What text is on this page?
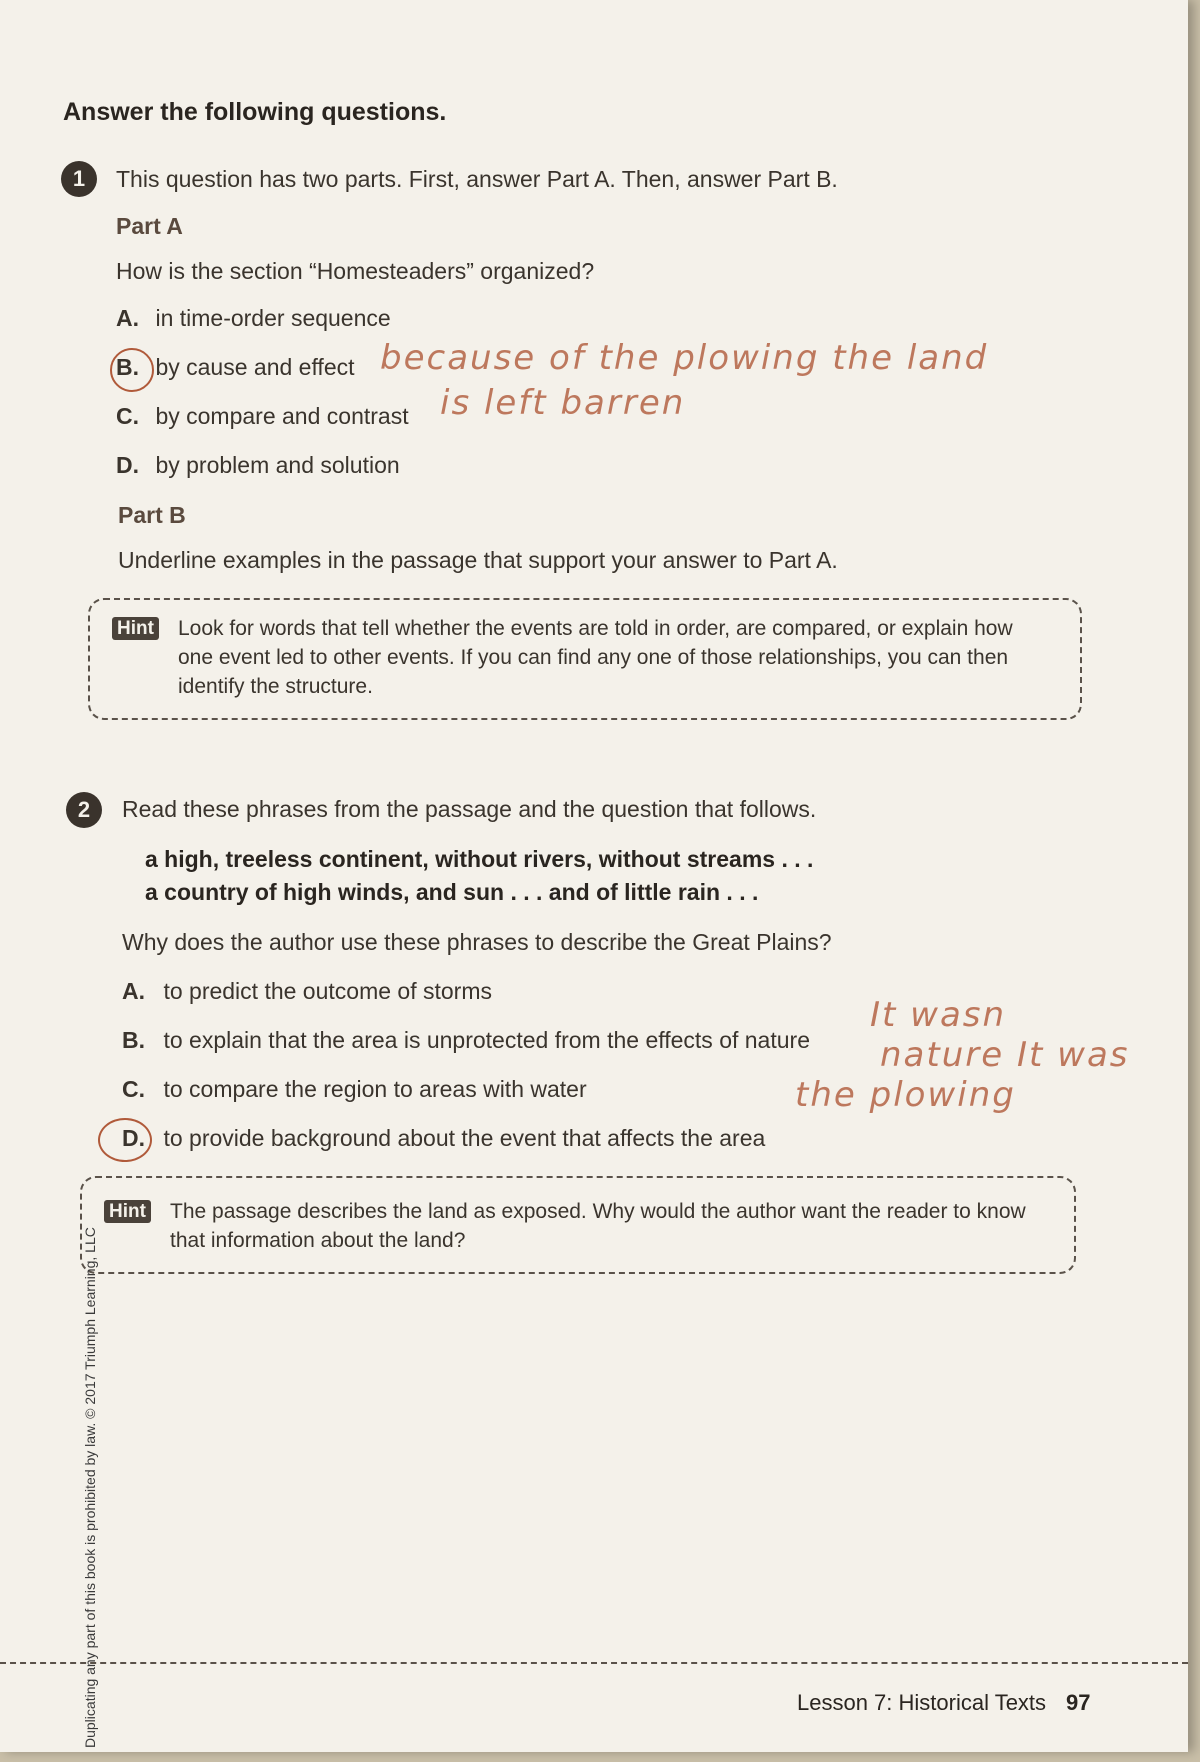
Answer the following questions.
1	This question has two parts. First, answer Part A. Then, answer Part B.
Part A
How is the section “Homesteaders” organized?
A. in time-order sequence
B. by cause and effect
C. by compare and contrast
D. by problem and solution
Part B
Underline examples in the passage that support your answer to Part A.
because of the plowing the land
is left barren
Hint Look for words that tell whether the events are told in order, are compared, or explain how
one event led to other events. If you can find any one of those relationships, you can then
identify the structure.
2	Read these phrases from the passage and the question that follows.
a high, treeless continent, without rivers, without streams . . .
a country of high winds, and sun . . . and of little rain . . .
Why does the author use these phrases to describe the Great Plains?
A. to predict the outcome of storms
B. to explain that the area is unprotected from the effects of nature
C. to compare the region to areas with water
D. to provide background about the event that affects the area
It wasn
nature It was
the plowing
Hint The passage describes the land as exposed. Why would the author want the reader to know
that information about the land?
Lesson 7: Historical Texts 97
Duplicating any part of this book is prohibited by law. © 2017 Triumph Learning, LLC
